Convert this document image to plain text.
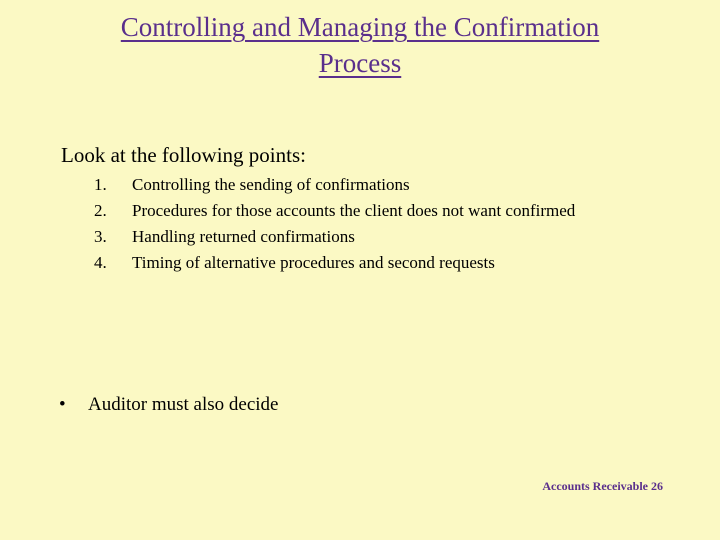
Controlling and Managing the Confirmation
Process
Look at the following points:
1.	Controlling the sending of confirmations
2.	Procedures for those accounts the client does not want confirmed
3.	Handling returned confirmations
4.	Timing of alternative procedures and second requests
•	Auditor must also decide
Accounts Receivable 26
